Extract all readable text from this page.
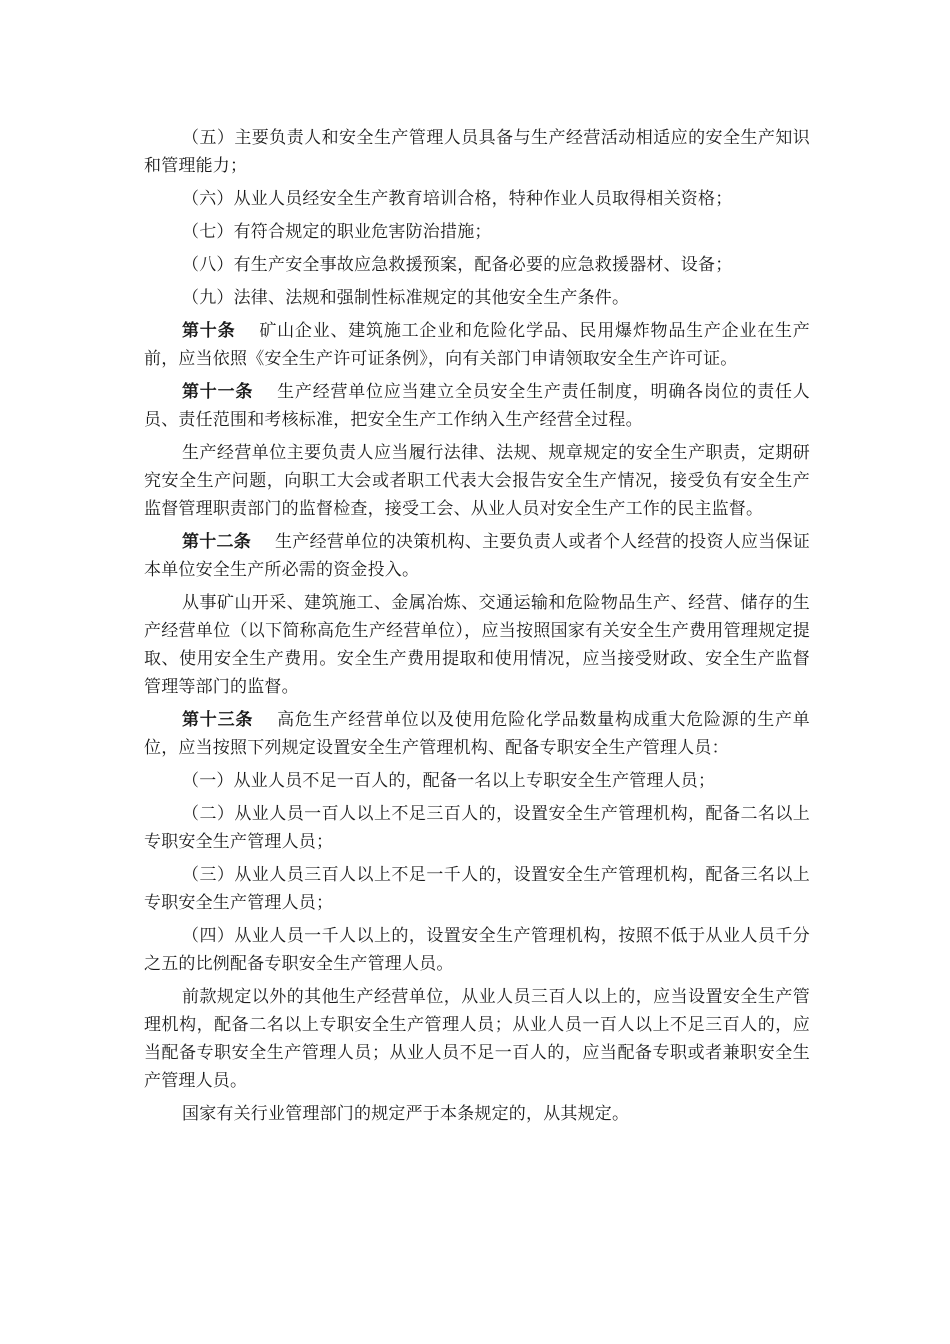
（五）主要负责人和安全生产管理人员具备与生产经营活动相适应的安全生产知识和管理能力；

（六）从业人员经安全生产教育培训合格，特种作业人员取得相关资格；

（七）有符合规定的职业危害防治措施；

（八）有生产安全事故应急救援预案，配备必要的应急救援器材、设备；

（九）法律、法规和强制性标准规定的其他安全生产条件。

第十条 矿山企业、建筑施工企业和危险化学品、民用爆炸物品生产企业在生产前，应当依照《安全生产许可证条例》，向有关部门申请领取安全生产许可证。

第十一条 生产经营单位应当建立全员安全生产责任制度，明确各岗位的责任人员、责任范围和考核标准，把安全生产工作纳入生产经营全过程。

生产经营单位主要负责人应当履行法律、法规、规章规定的安全生产职责，定期研究安全生产问题，向职工大会或者职工代表大会报告安全生产情况，接受负有安全生产监督管理职责部门的监督检查，接受工会、从业人员对安全生产工作的民主监督。

第十二条 生产经营单位的决策机构、主要负责人或者个人经营的投资人应当保证本单位安全生产所必需的资金投入。

从事矿山开采、建筑施工、金属冶炼、交通运输和危险物品生产、经营、储存的生产经营单位（以下简称高危生产经营单位），应当按照国家有关安全生产费用管理规定提取、使用安全生产费用。安全生产费用提取和使用情况，应当接受财政、安全生产监督管理等部门的监督。

第十三条 高危生产经营单位以及使用危险化学品数量构成重大危险源的生产单位，应当按照下列规定设置安全生产管理机构、配备专职安全生产管理人员：

（一）从业人员不足一百人的，配备一名以上专职安全生产管理人员；

（二）从业人员一百人以上不足三百人的，设置安全生产管理机构，配备二名以上专职安全生产管理人员；

（三）从业人员三百人以上不足一千人的，设置安全生产管理机构，配备三名以上专职安全生产管理人员；

（四）从业人员一千人以上的，设置安全生产管理机构，按照不低于从业人员千分之五的比例配备专职安全生产管理人员。

前款规定以外的其他生产经营单位，从业人员三百人以上的，应当设置安全生产管理机构，配备二名以上专职安全生产管理人员；从业人员一百人以上不足三百人的，应当配备专职安全生产管理人员；从业人员不足一百人的，应当配备专职或者兼职安全生产管理人员。

国家有关行业管理部门的规定严于本条规定的，从其规定。
